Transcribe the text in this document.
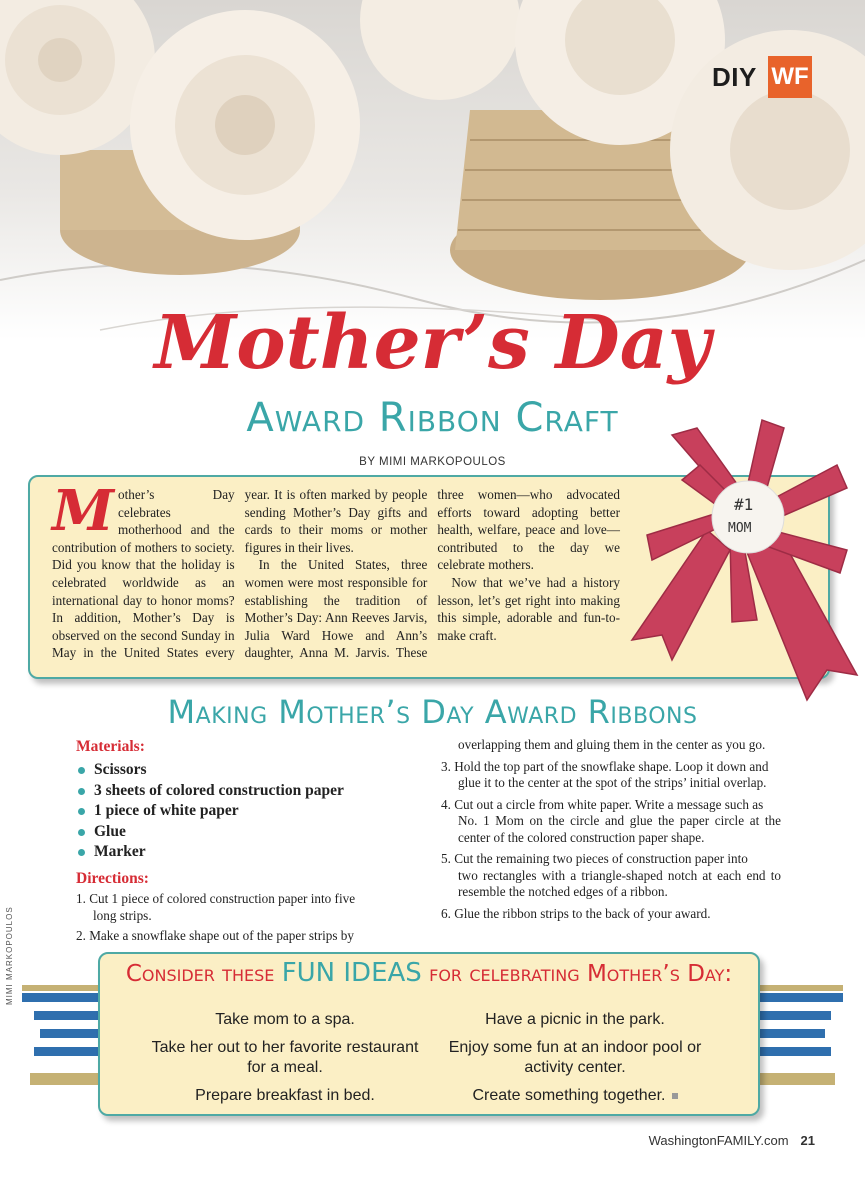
DIY WF
Mother’s Day
Award Ribbon Craft
BY MIMI MARKOPOULOS

Mother’s Day celebrates motherhood and the contribution of mothers to society. Did you know that the holiday is celebrated worldwide as an international day to honor moms? In addition, Mother’s Day is observed on the second Sunday in May in the United States every year. It is often marked by people sending Mother’s Day gifts and cards to their moms or mother figures in their lives.

In the United States, three women were most responsible for establishing the tradition of Mother’s Day: Ann Reeves Jarvis, Julia Ward Howe and Ann’s daughter, Anna M. Jarvis. These three women—who advocated efforts toward adopting better health, welfare, peace and love—contributed to the day we celebrate mothers.

Now that we’ve had a history lesson, let’s get right into making this simple, adorable and fun-to-make craft.

#1
MOM
Making Mother’s Day Award Ribbons
Materials:
Scissors
3 sheets of colored construction paper
1 piece of white paper
Glue
Marker
Directions:
1. Cut 1 piece of colored construction paper into five
long strips.
2. Make a snowflake shape out of the paper strips by
overlapping them and gluing them in the center as you go.
3. Hold the top part of the snowflake shape. Loop it down and
glue it to the center at the spot of the strips’ initial overlap.
4. Cut out a circle from white paper. Write a message such as
No. 1 Mom on the circle and glue the paper circle at the center of the colored construction paper shape.
5. Cut the remaining two pieces of construction paper into
two rectangles with a triangle-shaped notch at each end to resemble the notched edges of a ribbon.
6. Glue the ribbon strips to the back of your award.
MIMI MARKOPOULOS	Consider these FUN IDEAS for celebrating Mother’s Day:
Take mom to a spa.	Have a picnic in the park.
Take her out to her favorite restaurant for a meal.
Enjoy some fun at an indoor pool or activity center.
Prepare breakfast in bed.	Create something together.
WashingtonFAMILY.com 21
